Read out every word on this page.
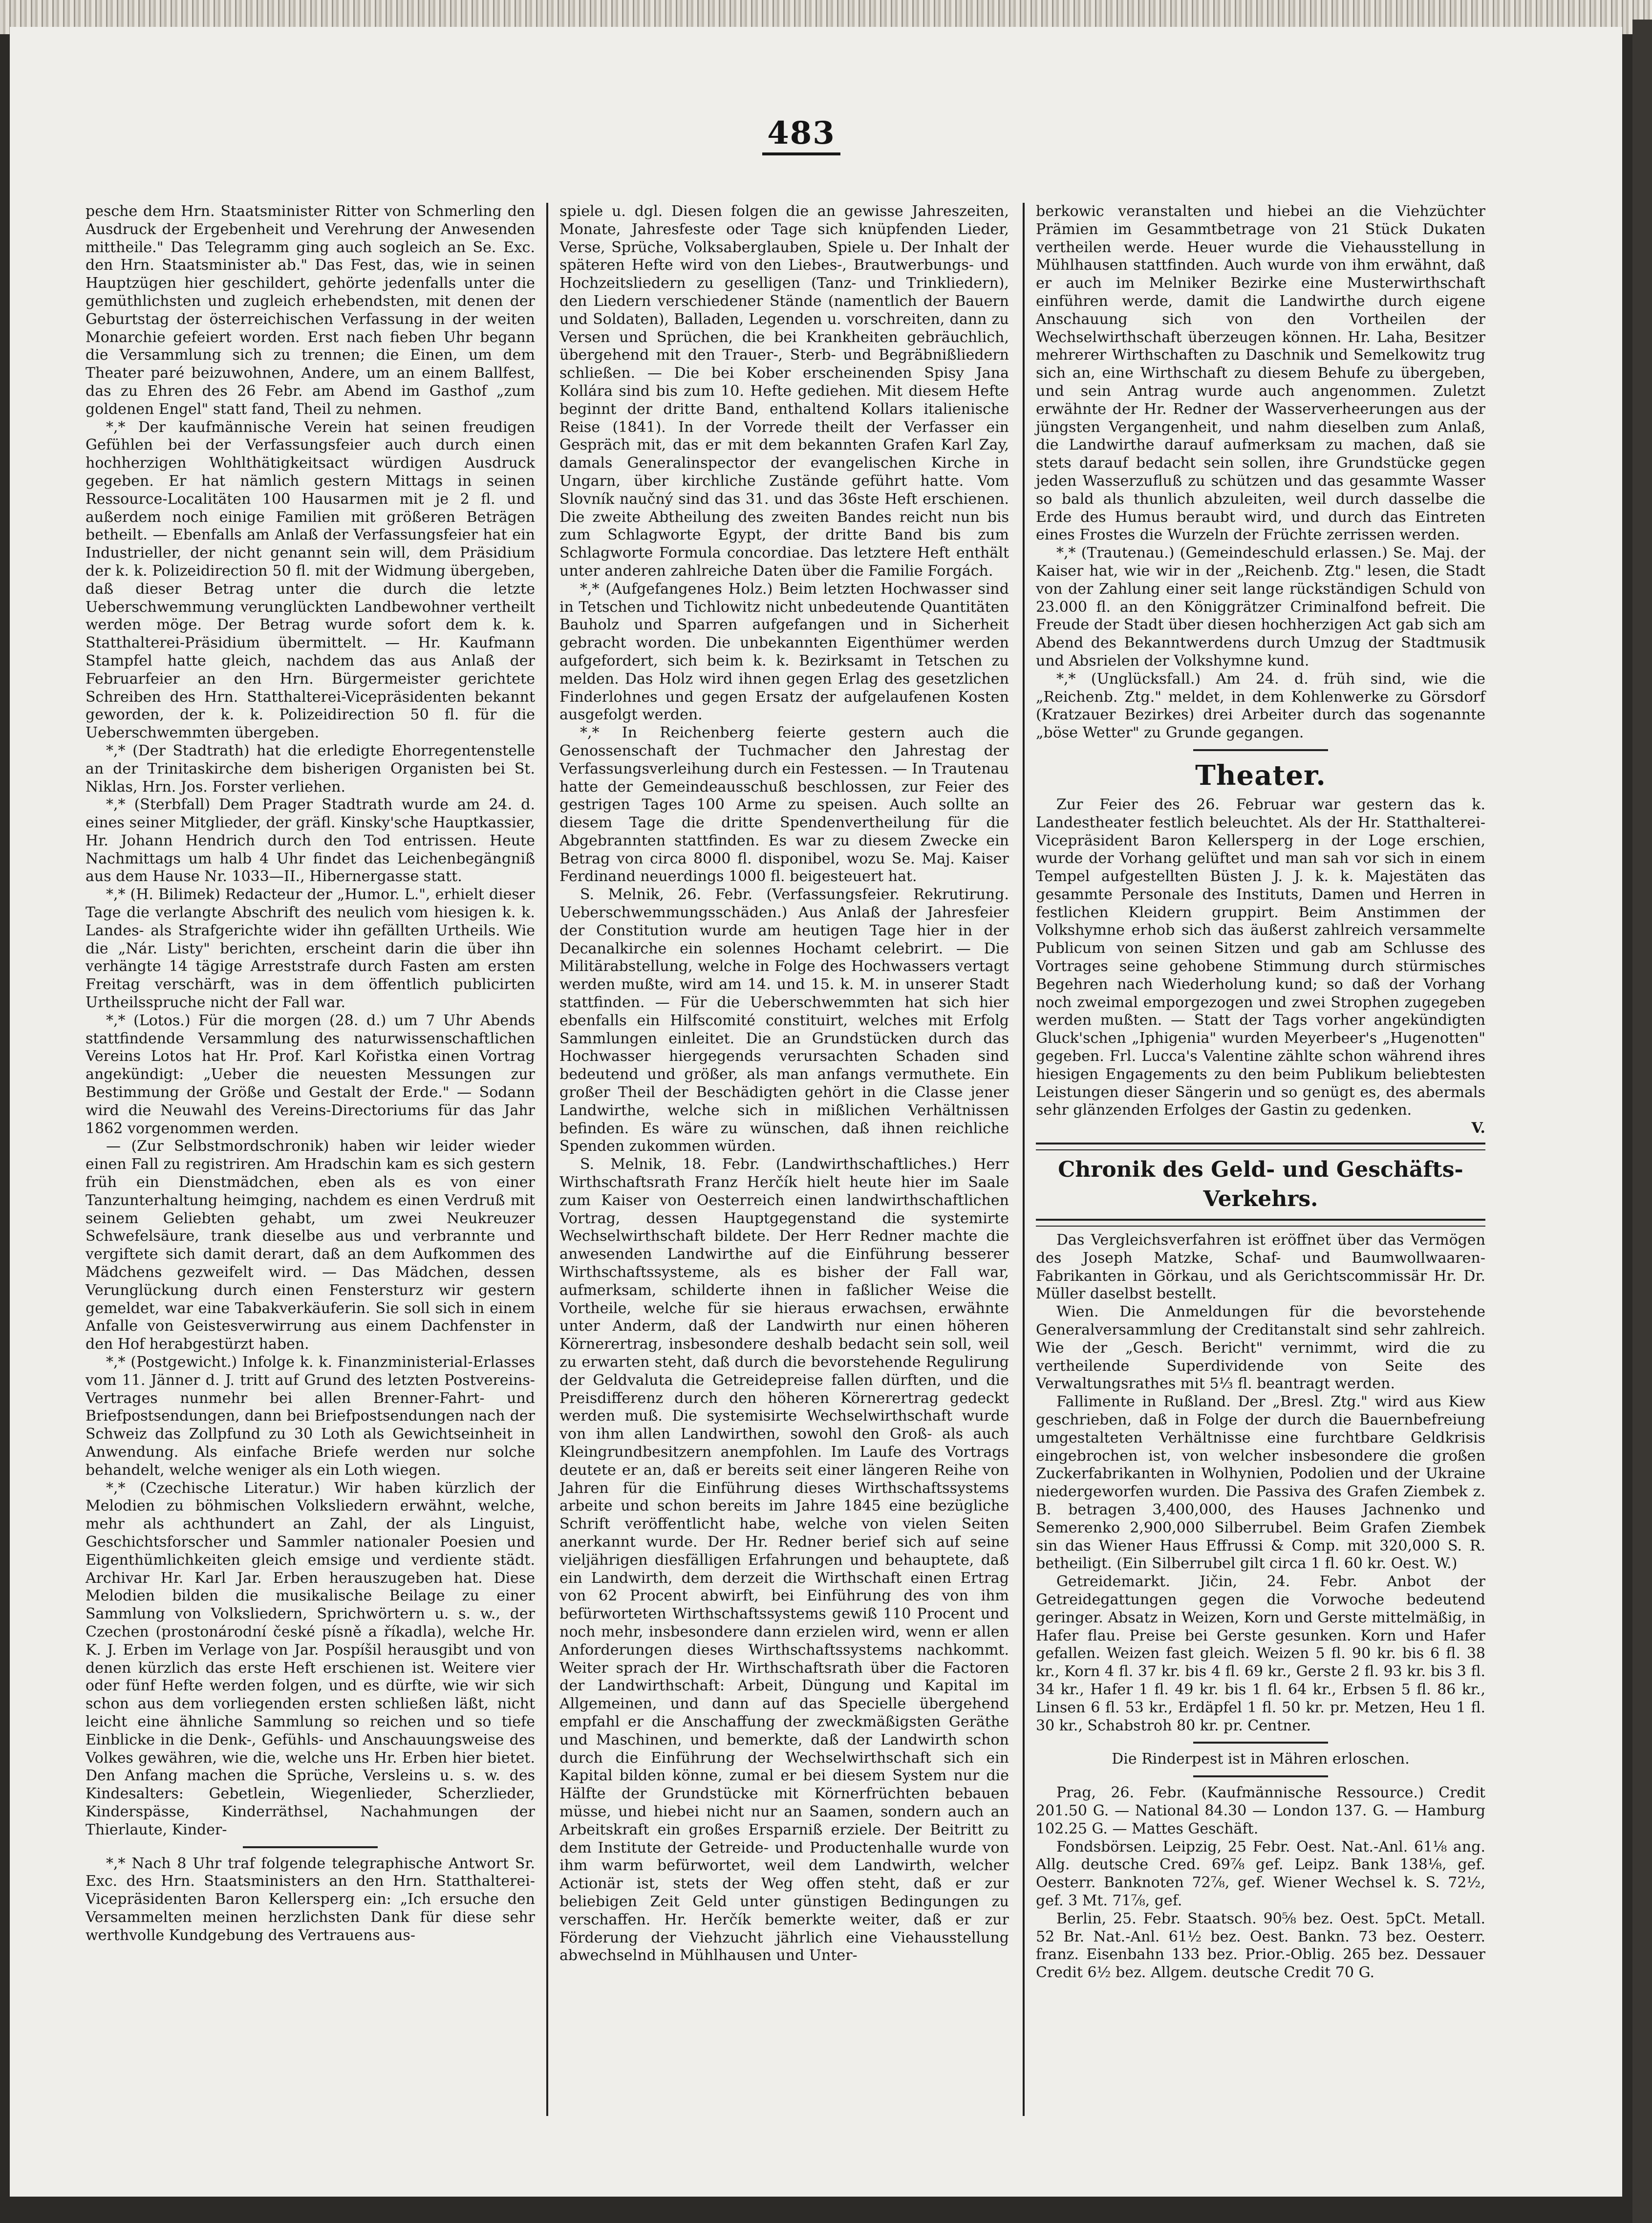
483

pesche dem Hrn. Staatsminister Ritter von Schmerling den Ausdruck der Ergebenheit und Verehrung der Anwesenden mittheile." Das Telegramm ging auch sogleich an Se. Exc. den Hrn. Staatsminister ab." Das Fest, das, wie in seinen Hauptzügen hier geschildert, gehörte jedenfalls unter die gemüthlichsten und zugleich erhebendsten, mit denen der Geburtstag der österreichischen Verfassung in der weiten Monarchie gefeiert worden. Erst nach fieben Uhr begann die Versammlung sich zu trennen; die Einen, um dem Theater paré beizuwohnen, Andere, um an einem Ballfest, das zu Ehren des 26 Febr. am Abend im Gasthof „zum goldenen Engel" statt fand, Theil zu nehmen.

*,* Der kaufmännische Verein hat seinen freudigen Gefühlen bei der Verfassungsfeier auch durch einen hochherzigen Wohlthätigkeitsact würdigen Ausdruck gegeben. Er hat nämlich gestern Mittags in seinen Ressource-Localitäten 100 Hausarmen mit je 2 fl. und außerdem noch einige Familien mit größeren Beträgen betheilt. — Ebenfalls am Anlaß der Verfassungsfeier hat ein Industrieller, der nicht genannt sein will, dem Präsidium der k. k. Polizeidirection 50 fl. mit der Widmung übergeben, daß dieser Betrag unter die durch die letzte Ueberschwemmung verunglückten Landbewohner vertheilt werden möge. Der Betrag wurde sofort dem k. k. Statthalterei-Präsidium übermittelt. — Hr. Kaufmann Stampfel hatte gleich, nachdem das aus Anlaß der Februarfeier an den Hrn. Bürgermeister gerichtete Schreiben des Hrn. Statthalterei-Vicepräsidenten bekannt geworden, der k. k. Polizeidirection 50 fl. für die Ueberschwemmten übergeben.

*,* (Der Stadtrath) hat die erledigte Ehorregentenstelle an der Trinitaskirche dem bisherigen Organisten bei St. Niklas, Hrn. Jos. Forster verliehen.

*,* (Sterbfall) Dem Prager Stadtrath wurde am 24. d. eines seiner Mitglieder, der gräfl. Kinsky'sche Hauptkassier, Hr. Johann Hendrich durch den Tod entrissen. Heute Nachmittags um halb 4 Uhr findet das Leichenbegängniß aus dem Hause Nr. 1033—II., Hibernergasse statt.

*,* (H. Bilimek) Redacteur der „Humor. L.", erhielt dieser Tage die verlangte Abschrift des neulich vom hiesigen k. k. Landes- als Strafgerichte wider ihn gefällten Urtheils. Wie die „Nár. Listy" berichten, erscheint darin die über ihn verhängte 14 tägige Arreststrafe durch Fasten am ersten Freitag verschärft, was in dem öffentlich publicirten Urtheilsspruche nicht der Fall war.

*,* (Lotos.) Für die morgen (28. d.) um 7 Uhr Abends stattfindende Versammlung des naturwissenschaftlichen Vereins Lotos hat Hr. Prof. Karl Kořistka einen Vortrag angekündigt: „Ueber die neuesten Messungen zur Bestimmung der Größe und Gestalt der Erde." — Sodann wird die Neuwahl des Vereins-Directoriums für das Jahr 1862 vorgenommen werden.

— (Zur Selbstmordschronik) haben wir leider wieder einen Fall zu registriren. Am Hradschin kam es sich gestern früh ein Dienstmädchen, eben als es von einer Tanzunterhaltung heimging, nachdem es einen Verdruß mit seinem Geliebten gehabt, um zwei Neukreuzer Schwefelsäure, trank dieselbe aus und verbrannte und vergiftete sich damit derart, daß an dem Aufkommen des Mädchens gezweifelt wird. — Das Mädchen, dessen Verunglückung durch einen Fenstersturz wir gestern gemeldet, war eine Tabakverkäuferin. Sie soll sich in einem Anfalle von Geistesverwirrung aus einem Dachfenster in den Hof herabgestürzt haben.

*,* (Postgewicht.) Infolge k. k. Finanzministerial-Erlasses vom 11. Jänner d. J. tritt auf Grund des letzten Postvereins-Vertrages nunmehr bei allen Brenner-Fahrt- und Briefpostsendungen, dann bei Briefpostsendungen nach der Schweiz das Zollpfund zu 30 Loth als Gewichtseinheit in Anwendung. Als einfache Briefe werden nur solche behandelt, welche weniger als ein Loth wiegen.

*,* (Czechische Literatur.) Wir haben kürzlich der Melodien zu böhmischen Volksliedern erwähnt, welche, mehr als achthundert an Zahl, der als Linguist, Geschichtsforscher und Sammler nationaler Poesien und Eigenthümlichkeiten gleich emsige und verdiente städt. Archivar Hr. Karl Jar. Erben herauszugeben hat. Diese Melodien bilden die musikalische Beilage zu einer Sammlung von Volksliedern, Sprichwörtern u. s. w., der Czechen (prostonárodní české písně a říkadla), welche Hr. K. J. Erben im Verlage von Jar. Pospíšil herausgibt und von denen kürzlich das erste Heft erschienen ist. Weitere vier oder fünf Hefte werden folgen, und es dürfte, wie wir sich schon aus dem vorliegenden ersten schließen läßt, nicht leicht eine ähnliche Sammlung so reichen und so tiefe Einblicke in die Denk-, Gefühls- und Anschauungsweise des Volkes gewähren, wie die, welche uns Hr. Erben hier bietet. Den Anfang machen die Sprüche, Versleins u. s. w. des Kindesalters: Gebetlein, Wiegenlieder, Scherzlieder, Kinderspässe, Kinderräthsel, Nachahmungen der Thierlaute, Kinder-

*,* Nach 8 Uhr traf folgende telegraphische Antwort Sr. Exc. des Hrn. Staatsministers an den Hrn. Statthalterei-Vicepräsidenten Baron Kellersperg ein: „Ich ersuche den Versammelten meinen herzlichsten Dank für diese sehr werthvolle Kundgebung des Vertrauens aus-

spiele u. dgl. Diesen folgen die an gewisse Jahreszeiten, Monate, Jahresfeste oder Tage sich knüpfenden Lieder, Verse, Sprüche, Volksaberglauben, Spiele u. Der Inhalt der späteren Hefte wird von den Liebes-, Brautwerbungs- und Hochzeitsliedern zu geselligen (Tanz- und Trinkliedern), den Liedern verschiedener Stände (namentlich der Bauern und Soldaten), Balladen, Legenden u. vorschreiten, dann zu Versen und Sprüchen, die bei Krankheiten gebräuchlich, übergehend mit den Trauer-, Sterb- und Begräbnißliedern schließen. — Die bei Kober erscheinenden Spisy Jana Kollára sind bis zum 10. Hefte gediehen. Mit diesem Hefte beginnt der dritte Band, enthaltend Kollars italienische Reise (1841). In der Vorrede theilt der Verfasser ein Gespräch mit, das er mit dem bekannten Grafen Karl Zay, damals Generalinspector der evangelischen Kirche in Ungarn, über kirchliche Zustände geführt hatte. Vom Slovník naučný sind das 31. und das 36ste Heft erschienen. Die zweite Abtheilung des zweiten Bandes reicht nun bis zum Schlagworte Egypt, der dritte Band bis zum Schlagworte Formula concordiae. Das letztere Heft enthält unter anderen zahlreiche Daten über die Familie Forgách.

*,* (Aufgefangenes Holz.) Beim letzten Hochwasser sind in Tetschen und Tichlowitz nicht unbedeutende Quantitäten Bauholz und Sparren aufgefangen und in Sicherheit gebracht worden. Die unbekannten Eigenthümer werden aufgefordert, sich beim k. k. Bezirksamt in Tetschen zu melden. Das Holz wird ihnen gegen Erlag des gesetzlichen Finderlohnes und gegen Ersatz der aufgelaufenen Kosten ausgefolgt werden.

*,* In Reichenberg feierte gestern auch die Genossenschaft der Tuchmacher den Jahrestag der Verfassungsverleihung durch ein Festessen. — In Trautenau hatte der Gemeindeausschuß beschlossen, zur Feier des gestrigen Tages 100 Arme zu speisen. Auch sollte an diesem Tage die dritte Spendenvertheilung für die Abgebrannten stattfinden. Es war zu diesem Zwecke ein Betrag von circa 8000 fl. disponibel, wozu Se. Maj. Kaiser Ferdinand neuerdings 1000 fl. beigesteuert hat.

S. Melnik, 26. Febr. (Verfassungsfeier. Rekrutirung. Ueberschwemmungsschäden.) Aus Anlaß der Jahresfeier der Constitution wurde am heutigen Tage hier in der Decanalkirche ein solennes Hochamt celebrirt. — Die Militärabstellung, welche in Folge des Hochwassers vertagt werden mußte, wird am 14. und 15. k. M. in unserer Stadt stattfinden. — Für die Ueberschwemmten hat sich hier ebenfalls ein Hilfscomité constituirt, welches mit Erfolg Sammlungen einleitet. Die an Grundstücken durch das Hochwasser hiergegends verursachten Schaden sind bedeutend und größer, als man anfangs vermuthete. Ein großer Theil der Beschädigten gehört in die Classe jener Landwirthe, welche sich in mißlichen Verhältnissen befinden. Es wäre zu wünschen, daß ihnen reichliche Spenden zukommen würden.

S. Melnik, 18. Febr. (Landwirthschaftliches.) Herr Wirthschaftsrath Franz Herčík hielt heute hier im Saale zum Kaiser von Oesterreich einen landwirthschaftlichen Vortrag, dessen Hauptgegenstand die systemirte Wechselwirthschaft bildete. Der Herr Redner machte die anwesenden Landwirthe auf die Einführung besserer Wirthschaftssysteme, als es bisher der Fall war, aufmerksam, schilderte ihnen in faßlicher Weise die Vortheile, welche für sie hieraus erwachsen, erwähnte unter Anderm, daß der Landwirth nur einen höheren Körnerertrag, insbesondere deshalb bedacht sein soll, weil zu erwarten steht, daß durch die bevorstehende Regulirung der Geldvaluta die Getreidepreise fallen dürften, und die Preisdifferenz durch den höheren Körnerertrag gedeckt werden muß. Die systemisirte Wechselwirthschaft wurde von ihm allen Landwirthen, sowohl den Groß- als auch Kleingrundbesitzern anempfohlen. Im Laufe des Vortrags deutete er an, daß er bereits seit einer längeren Reihe von Jahren für die Einführung dieses Wirthschaftssystems arbeite und schon bereits im Jahre 1845 eine bezügliche Schrift veröffentlicht habe, welche von vielen Seiten anerkannt wurde. Der Hr. Redner berief sich auf seine vieljährigen diesfälligen Erfahrungen und behauptete, daß ein Landwirth, dem derzeit die Wirthschaft einen Ertrag von 62 Procent abwirft, bei Einführung des von ihm befürworteten Wirthschaftssystems gewiß 110 Procent und noch mehr, insbesondere dann erzielen wird, wenn er allen Anforderungen dieses Wirthschaftssystems nachkommt. Weiter sprach der Hr. Wirthschaftsrath über die Factoren der Landwirthschaft: Arbeit, Düngung und Kapital im Allgemeinen, und dann auf das Specielle übergehend empfahl er die Anschaffung der zweckmäßigsten Geräthe und Maschinen, und bemerkte, daß der Landwirth schon durch die Einführung der Wechselwirthschaft sich ein Kapital bilden könne, zumal er bei diesem System nur die Hälfte der Grundstücke mit Körnerfrüchten bebauen müsse, und hiebei nicht nur an Saamen, sondern auch an Arbeitskraft ein großes Ersparniß erziele. Der Beitritt zu dem Institute der Getreide- und Productenhalle wurde von ihm warm befürwortet, weil dem Landwirth, welcher Actionär ist, stets der Weg offen steht, daß er zur beliebigen Zeit Geld unter günstigen Bedingungen zu verschaffen. Hr. Herčík bemerkte weiter, daß er zur Förderung der Viehzucht jährlich eine Viehausstellung abwechselnd in Mühlhausen und Unter-

berkowic veranstalten und hiebei an die Viehzüchter Prämien im Gesammtbetrage von 21 Stück Dukaten vertheilen werde. Heuer wurde die Viehausstellung in Mühlhausen stattfinden. Auch wurde von ihm erwähnt, daß er auch im Melniker Bezirke eine Musterwirthschaft einführen werde, damit die Landwirthe durch eigene Anschauung sich von den Vortheilen der Wechselwirthschaft überzeugen können. Hr. Laha, Besitzer mehrerer Wirthschaften zu Daschnik und Semelkowitz trug sich an, eine Wirthschaft zu diesem Behufe zu übergeben, und sein Antrag wurde auch angenommen. Zuletzt erwähnte der Hr. Redner der Wasserverheerungen aus der jüngsten Vergangenheit, und nahm dieselben zum Anlaß, die Landwirthe darauf aufmerksam zu machen, daß sie stets darauf bedacht sein sollen, ihre Grundstücke gegen jeden Wasserzufluß zu schützen und das gesammte Wasser so bald als thunlich abzuleiten, weil durch dasselbe die Erde des Humus beraubt wird, und durch das Eintreten eines Frostes die Wurzeln der Früchte zerrissen werden.

*,* (Trautenau.) (Gemeindeschuld erlassen.) Se. Maj. der Kaiser hat, wie wir in der „Reichenb. Ztg." lesen, die Stadt von der Zahlung einer seit lange rückständigen Schuld von 23.000 fl. an den Königgrätzer Criminalfond befreit. Die Freude der Stadt über diesen hochherzigen Act gab sich am Abend des Bekanntwerdens durch Umzug der Stadtmusik und Absrielen der Volkshymne kund.

*,* (Unglücksfall.) Am 24. d. früh sind, wie die „Reichenb. Ztg." meldet, in dem Kohlenwerke zu Görsdorf (Kratzauer Bezirkes) drei Arbeiter durch das sogenannte „böse Wetter" zu Grunde gegangen.

Theater.

Zur Feier des 26. Februar war gestern das k. Landestheater festlich beleuchtet. Als der Hr. Statthalterei-Vicepräsident Baron Kellersperg in der Loge erschien, wurde der Vorhang gelüftet und man sah vor sich in einem Tempel aufgestellten Büsten J. J. k. k. Majestäten das gesammte Personale des Instituts, Damen und Herren in festlichen Kleidern gruppirt. Beim Anstimmen der Volkshymne erhob sich das äußerst zahlreich versammelte Publicum von seinen Sitzen und gab am Schlusse des Vortrages seine gehobene Stimmung durch stürmisches Begehren nach Wiederholung kund; so daß der Vorhang noch zweimal emporgezogen und zwei Strophen zugegeben werden mußten. — Statt der Tags vorher angekündigten Gluck'schen „Iphigenia" wurden Meyerbeer's „Hugenotten" gegeben. Frl. Lucca's Valentine zählte schon während ihres hiesigen Engagements zu den beim Publikum beliebtesten Leistungen dieser Sängerin und so genügt es, des abermals sehr glänzenden Erfolges der Gastin zu gedenken.

V.
Chronik des Geld- und Geschäfts-Verkehrs.

Das Vergleichsverfahren ist eröffnet über das Vermögen des Joseph Matzke, Schaf- und Baumwollwaaren-Fabrikanten in Görkau, und als Gerichtscommissär Hr. Dr. Müller daselbst bestellt.

Wien. Die Anmeldungen für die bevorstehende Generalversammlung der Creditanstalt sind sehr zahlreich. Wie der „Gesch. Bericht" vernimmt, wird die zu vertheilende Superdividende von Seite des Verwaltungsrathes mit 5⅓ fl. beantragt werden.

Fallimente in Rußland. Der „Bresl. Ztg." wird aus Kiew geschrieben, daß in Folge der durch die Bauernbefreiung umgestalteten Verhältnisse eine furchtbare Geldkrisis eingebrochen ist, von welcher insbesondere die großen Zuckerfabrikanten in Wolhynien, Podolien und der Ukraine niedergeworfen wurden. Die Passiva des Grafen Ziembek z. B. betragen 3,400,000, des Hauses Jachnenko und Semerenko 2,900,000 Silberrubel. Beim Grafen Ziembek sin das Wiener Haus Effrussi & Comp. mit 320,000 S. R. betheiligt. (Ein Silberrubel gilt circa 1 fl. 60 kr. Oest. W.)

Getreidemarkt. Jičin, 24. Febr. Anbot der Getreidegattungen gegen die Vorwoche bedeutend geringer. Absatz in Weizen, Korn und Gerste mittelmäßig, in Hafer flau. Preise bei Gerste gesunken. Korn und Hafer gefallen. Weizen fast gleich. Weizen 5 fl. 90 kr. bis 6 fl. 38 kr., Korn 4 fl. 37 kr. bis 4 fl. 69 kr., Gerste 2 fl. 93 kr. bis 3 fl. 34 kr., Hafer 1 fl. 49 kr. bis 1 fl. 64 kr., Erbsen 5 fl. 86 kr., Linsen 6 fl. 53 kr., Erdäpfel 1 fl. 50 kr. pr. Metzen, Heu 1 fl. 30 kr., Schabstroh 80 kr. pr. Centner.

Die Rinderpest ist in Mähren erloschen.

Prag, 26. Febr. (Kaufmännische Ressource.) Credit 201.50 G. — National 84.30 — London 137. G. — Hamburg 102.25 G. — Mattes Geschäft.

Fondsbörsen. Leipzig, 25 Febr. Oest. Nat.-Anl. 61⅛ ang. Allg. deutsche Cred. 69⅞ gef. Leipz. Bank 138⅛, gef. Oesterr. Banknoten 72⅞, gef. Wiener Wechsel k. S. 72½, gef. 3 Mt. 71⅞, gef.

Berlin, 25. Febr. Staatsch. 90⅝ bez. Oest. 5pCt. Metall. 52 Br. Nat.-Anl. 61½ bez. Oest. Bankn. 73 bez. Oesterr. franz. Eisenbahn 133 bez. Prior.-Oblig. 265 bez. Dessauer Credit 6½ bez. Allgem. deutsche Credit 70 G.
